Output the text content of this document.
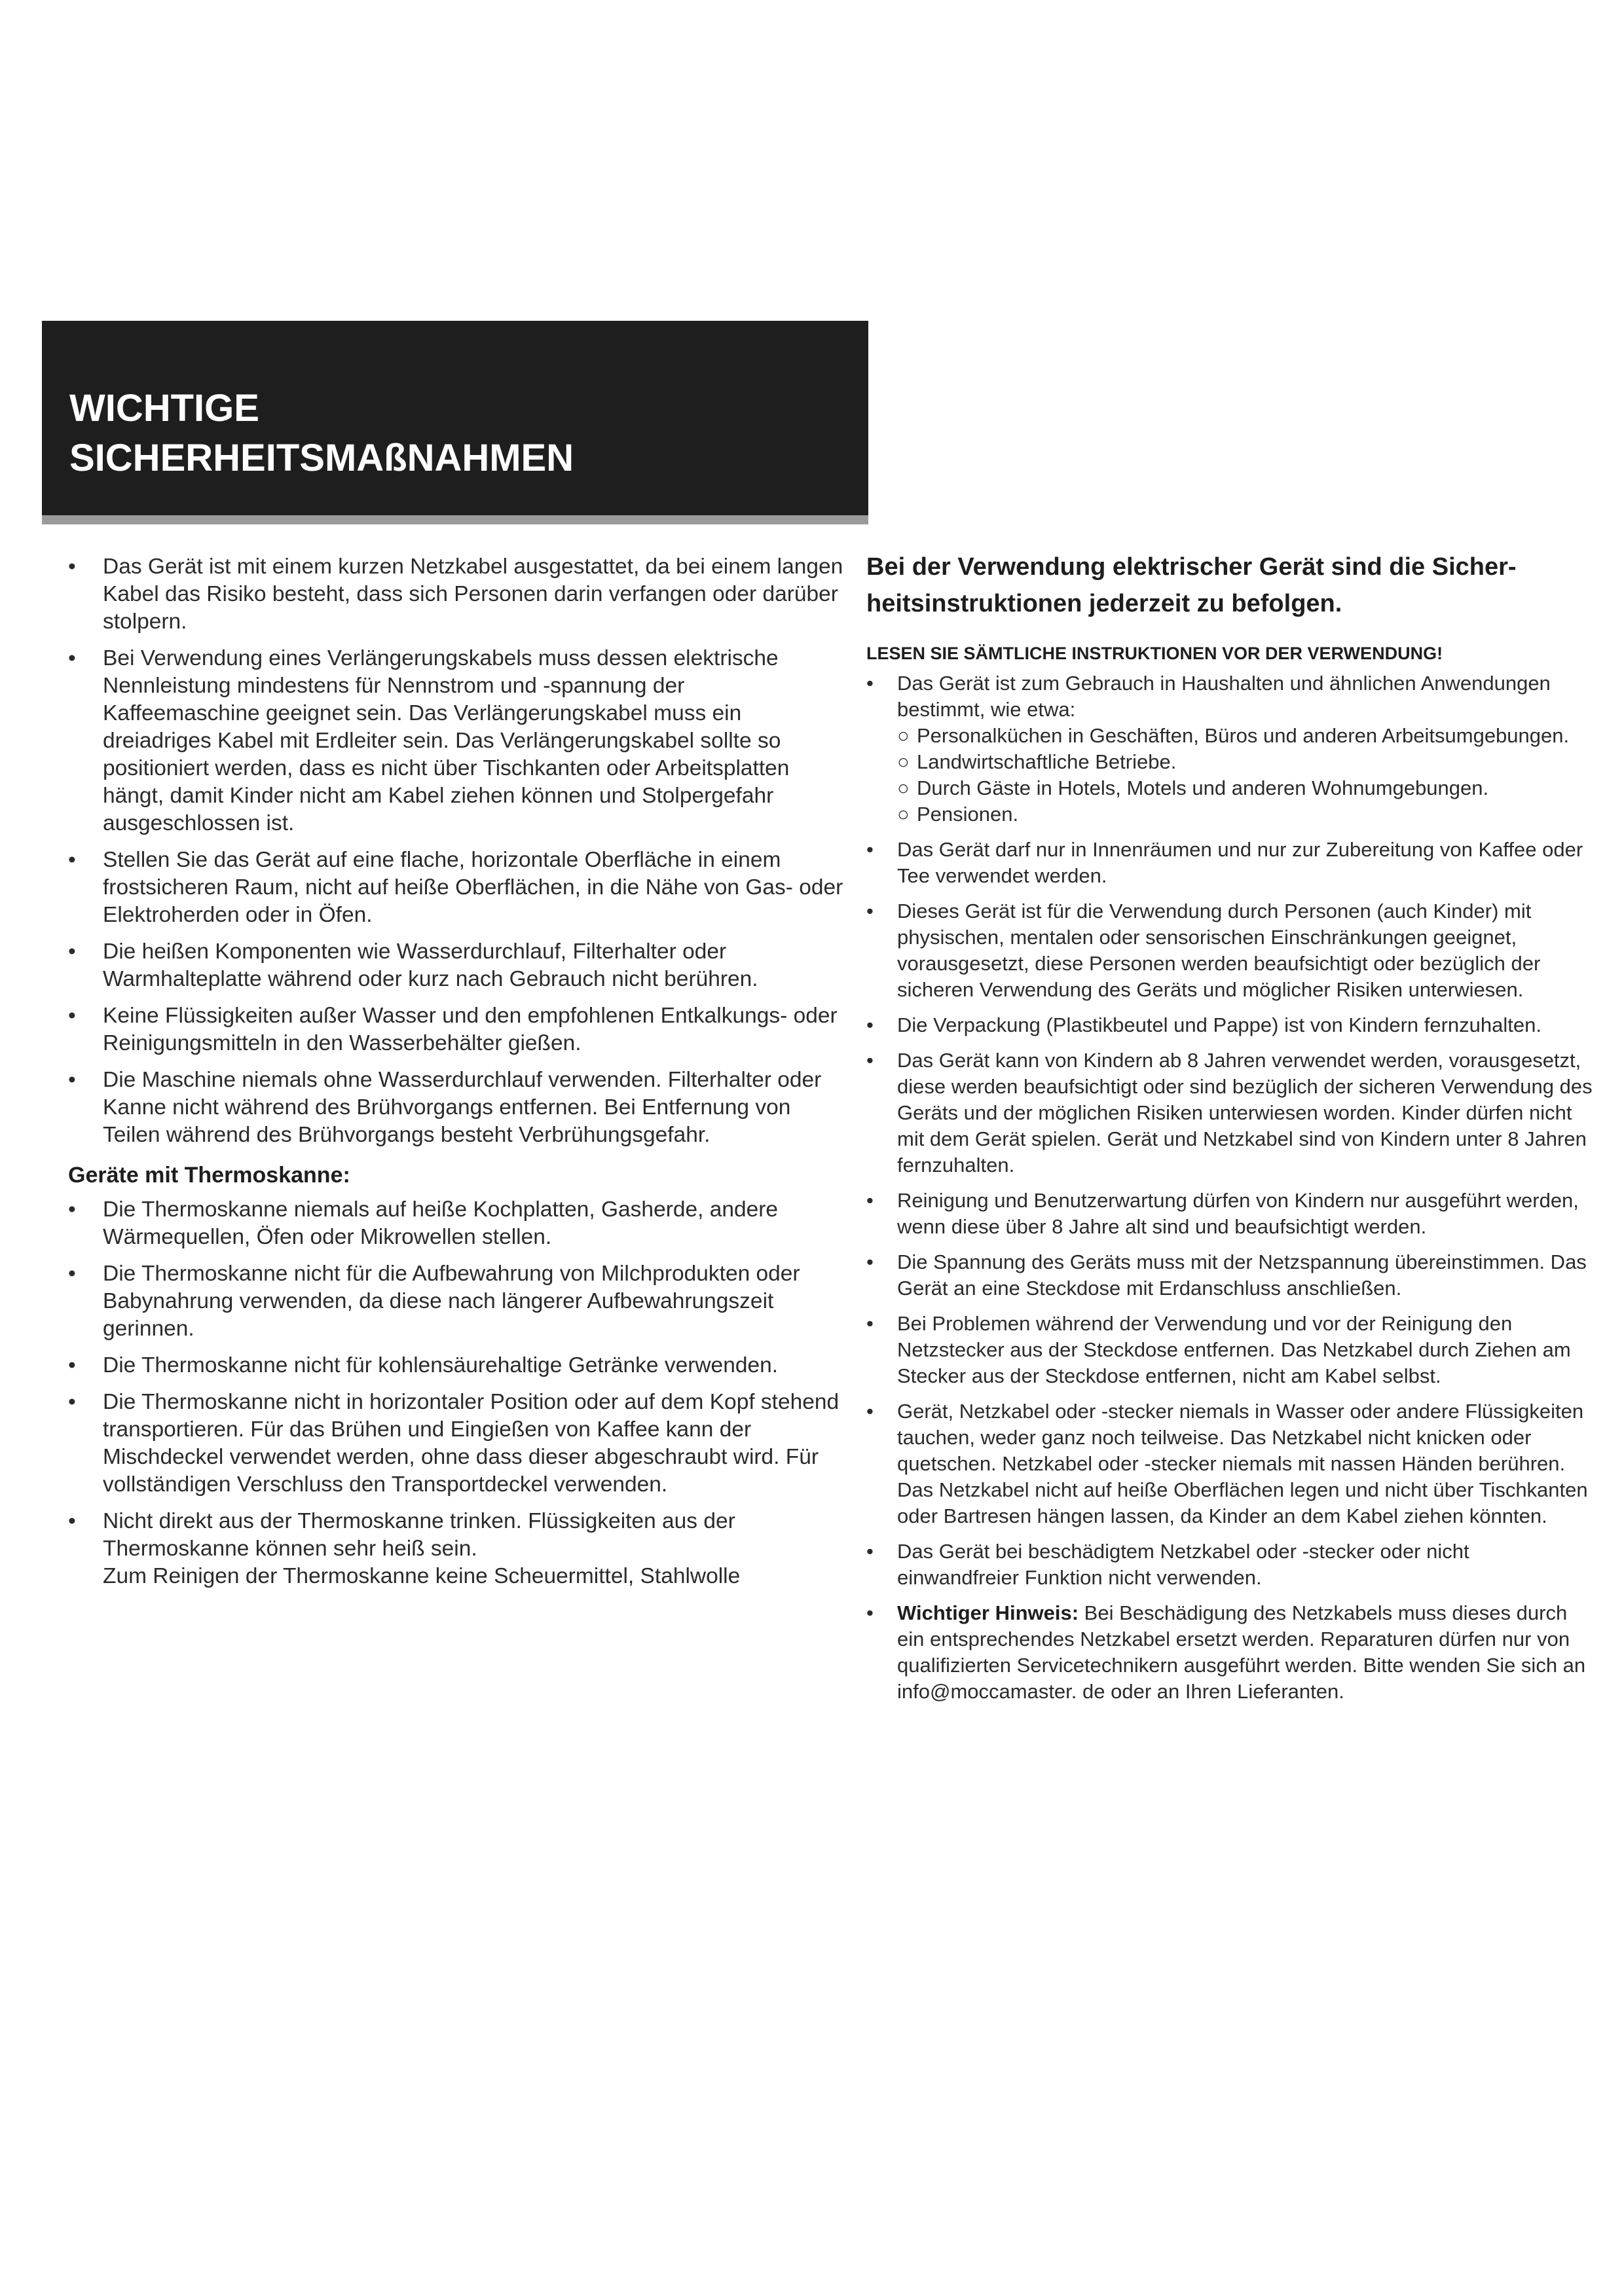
WICHTIGE
SICHERHEITSMAßNAHMEN
• Das Gerät ist mit einem kurzen Netzkabel ausgestattet, da bei einem langen Kabel das Risiko besteht, dass sich Personen darin verfangen oder darüber stolpern.
• Bei Verwendung eines Verlängerungskabels muss dessen elektrische Nennleistung mindestens für Nennstrom und -spannung der Kaffeemaschine geeignet sein. Das Verlängerungskabel muss ein dreiadriges Kabel mit Erdleiter sein. Das Verlängerungskabel sollte so positioniert werden, dass es nicht über Tischkanten oder Arbeitsplatten hängt, damit Kinder nicht am Kabel ziehen können und Stolpergefahr ausgeschlossen ist.
• Stellen Sie das Gerät auf eine flache, horizontale Oberfläche in einem frostsicheren Raum, nicht auf heiße Oberflächen, in die Nähe von Gas- oder Elektroherden oder in Öfen.
• Die heißen Komponenten wie Wasserdurchlauf, Filterhalter oder Warmhalteplatte während oder kurz nach Gebrauch nicht berühren.
• Keine Flüssigkeiten außer Wasser und den empfohlenen Entkalkungs- oder Reinigungsmitteln in den Wasserbehälter gießen.
• Die Maschine niemals ohne Wasserdurchlauf verwenden. Filterhalter oder Kanne nicht während des Brühvorgangs entfernen. Bei Entfernung von Teilen während des Brühvorgangs besteht Verbrühungsgefahr.
Geräte mit Thermoskanne:
• Die Thermoskanne niemals auf heiße Kochplatten, Gasherde, andere Wärmequellen, Öfen oder Mikrowellen stellen.
• Die Thermoskanne nicht für die Aufbewahrung von Milchprodukten oder Babynahrung verwenden, da diese nach längerer Aufbewahrungszeit gerinnen.
• Die Thermoskanne nicht für kohlensäurehaltige Getränke verwenden.
• Die Thermoskanne nicht in horizontaler Position oder auf dem Kopf stehend transportieren. Für das Brühen und Eingießen von Kaffee kann der Mischdeckel verwendet werden, ohne dass dieser abgeschraubt wird. Für vollständigen Verschluss den Transportdeckel verwenden.
• Nicht direkt aus der Thermoskanne trinken. Flüssigkeiten aus der Thermoskanne können sehr heiß sein.
Zum Reinigen der Thermoskanne keine Scheuermittel, Stahlwolle

Bei der Verwendung elektrischer Gerät sind die Sicher-heitsinstruktionen jederzeit zu befolgen.

LESEN SIE SÄMTLICHE INSTRUKTIONEN VOR DER VERWENDUNG!

• Das Gerät ist zum Gebrauch in Haushalten und ähnlichen Anwendungen bestimmt, wie etwa:
○ Personalküchen in Geschäften, Büros und anderen Arbeitsumgebungen.
○ Landwirtschaftliche Betriebe.
○ Durch Gäste in Hotels, Motels und anderen Wohnumgebungen.
○ Pensionen.
• Das Gerät darf nur in Innenräumen und nur zur Zubereitung von Kaffee oder Tee verwendet werden.
• Dieses Gerät ist für die Verwendung durch Personen (auch Kinder) mit physischen, mentalen oder sensorischen Einschränkungen geeignet, vorausgesetzt, diese Personen werden beaufsichtigt oder bezüglich der sicheren Verwendung des Geräts und möglicher Risiken unterwiesen.
• Die Verpackung (Plastikbeutel und Pappe) ist von Kindern fernzuhalten.
• Das Gerät kann von Kindern ab 8 Jahren verwendet werden, vorausgesetzt, diese werden beaufsichtigt oder sind bezüglich der sicheren Verwendung des Geräts und der möglichen Risiken unterwiesen worden. Kinder dürfen nicht mit dem Gerät spielen. Gerät und Netzkabel sind von Kindern unter 8 Jahren fernzuhalten.
• Reinigung und Benutzerwartung dürfen von Kindern nur ausgeführt werden, wenn diese über 8 Jahre alt sind und beaufsichtigt werden.
• Die Spannung des Geräts muss mit der Netzspannung übereinstimmen. Das Gerät an eine Steckdose mit Erdanschluss anschließen.
• Bei Problemen während der Verwendung und vor der Reinigung den Netzstecker aus der Steckdose entfernen. Das Netzkabel durch Ziehen am Stecker aus der Steckdose entfernen, nicht am Kabel selbst.
• Gerät, Netzkabel oder -stecker niemals in Wasser oder andere Flüssigkeiten tauchen, weder ganz noch teilweise. Das Netzkabel nicht knicken oder quetschen. Netzkabel oder -stecker niemals mit nassen Händen berühren. Das Netzkabel nicht auf heiße Oberflächen legen und nicht über Tischkanten oder Bartresen hängen lassen, da Kinder an dem Kabel ziehen könnten.
• Das Gerät bei beschädigtem Netzkabel oder -stecker oder nicht einwandfreier Funktion nicht verwenden.
• Wichtiger Hinweis: Bei Beschädigung des Netzkabels muss dieses durch ein entsprechendes Netzkabel ersetzt werden. Reparaturen dürfen nur von qualifizierten Servicetechnikern ausgeführt werden. Bitte wenden Sie sich an info@moccamaster. de oder an Ihren Lieferanten.
